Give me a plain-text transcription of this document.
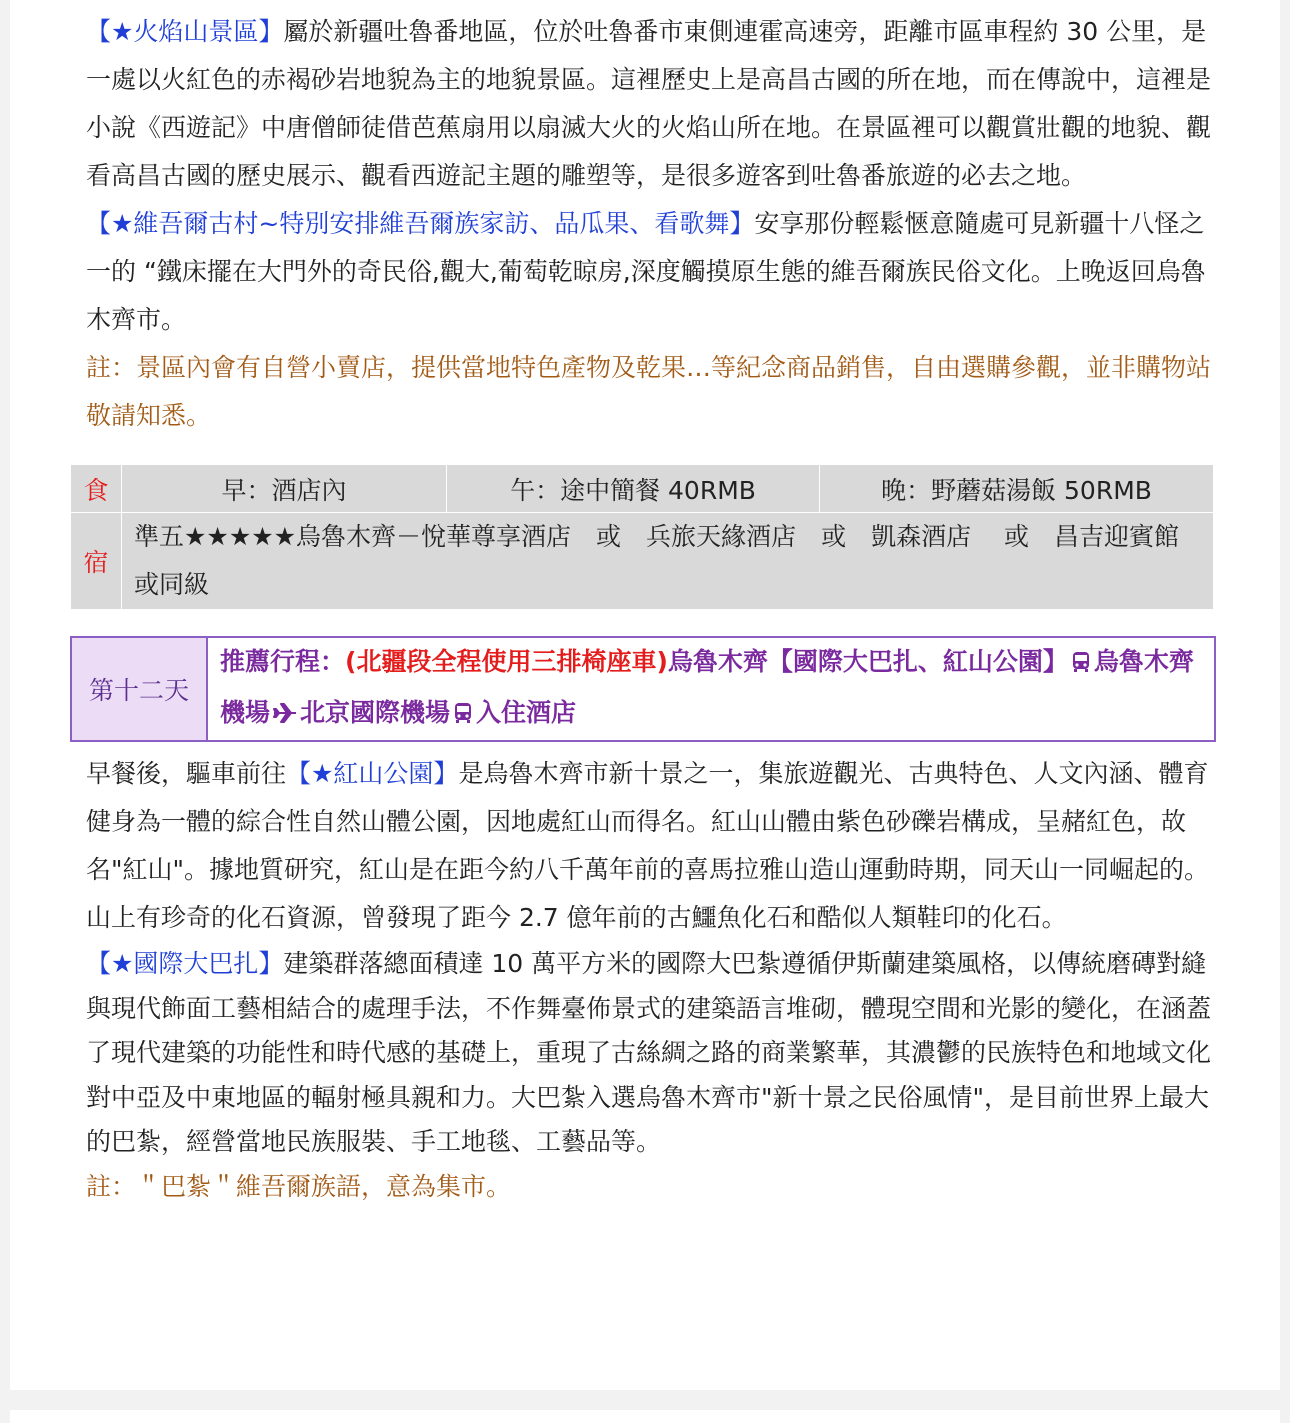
【★火焰山景區】屬於新疆吐魯番地區，位於吐魯番市東側連霍高速旁，距離市區車程約 30 公里，是一處以火紅色的赤褐砂岩地貌為主的地貌景區。這裡歷史上是高昌古國的所在地，而在傳說中，這裡是小說《西遊記》中唐僧師徒借芭蕉扇用以扇滅大火的火焰山所在地。在景區裡可以觀賞壯觀的地貌、觀看高昌古國的歷史展示、觀看西遊記主題的雕塑等，是很多遊客到吐魯番旅遊的必去之地。

【★維吾爾古村~特別安排維吾爾族家訪、品瓜果、看歌舞】安享那份輕鬆愜意隨處可見新疆十八怪之一的 “鐵床擺在大門外的奇民俗,觀大,葡萄乾晾房,深度觸摸原生態的維吾爾族民俗文化。上晚返回烏魯木齊市。

註：景區內會有自營小賣店，提供當地特色產物及乾果…等紀念商品銷售，自由選購參觀，並非購物站敬請知悉。

食	早：酒店內	午：途中簡餐 40RMB	晚：野蘑菇湯飯 50RMB
宿	準五★★★★★烏魯木齊－悅華尊享酒店　或　兵旅天緣酒店　或　凱森酒店　 或　昌吉迎賓館或同級		
第十二天	推薦行程：(北疆段全程使用三排椅座車)烏魯木齊【國際大巴扎、紅山公園】 烏魯木齊機場 北京國際機場 入住酒店

早餐後，驅車前往【★紅山公園】是烏魯木齊市新十景之一，集旅遊觀光、古典特色、人文內涵、體育健身為一體的綜合性自然山體公園，因地處紅山而得名。紅山山體由紫色砂礫岩構成，呈赭紅色，故名"紅山"。據地質研究，紅山是在距今約八千萬年前的喜馬拉雅山造山運動時期，同天山一同崛起的。山上有珍奇的化石資源，曾發現了距今 2.7 億年前的古鱷魚化石和酷似人類鞋印的化石。

【★國際大巴扎】建築群落總面積達 10 萬平方米的國際大巴紮遵循伊斯蘭建築風格，以傳統磨磚對縫與現代飾面工藝相結合的處理手法，不作舞臺佈景式的建築語言堆砌，體現空間和光影的變化，在涵蓋了現代建築的功能性和時代感的基礎上，重現了古絲綢之路的商業繁華，其濃鬱的民族特色和地域文化對中亞及中東地區的輻射極具親和力。大巴紮入選烏魯木齊市"新十景之民俗風情"，是目前世界上最大的巴紮，經營當地民族服裝、手工地毯、工藝品等。

註：＂巴紮＂維吾爾族語，意為集市。
